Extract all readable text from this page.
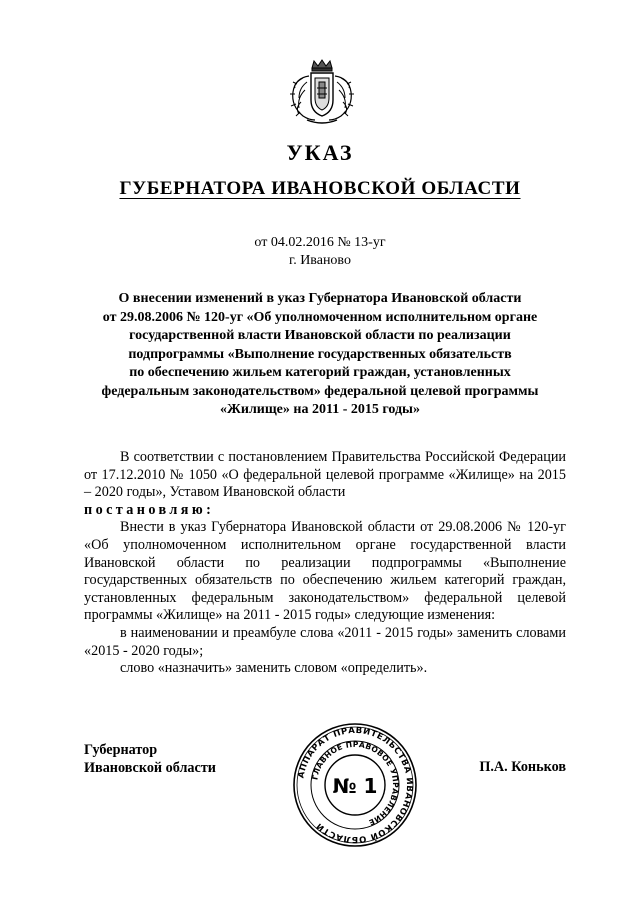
УКАЗ
ГУБЕРНАТОРА ИВАНОВСКОЙ ОБЛАСТИ
от 04.02.2016 № 13-уг
г. Иваново
О внесении изменений в указ Губернатора Ивановской области
от 29.08.2006 № 120-уг «Об уполномоченном исполнительном органе
государственной власти Ивановской области по реализации
подпрограммы «Выполнение государственных обязательств
по обеспечению жильем категорий граждан, установленных
федеральным законодательством» федеральной целевой программы
«Жилище» на 2011 - 2015 годы»

В соответствии с постановлением Правительства Российской Федерации от 17.12.2010 № 1050 «О федеральной целевой программе «Жилище» на 2015 – 2020 годы», Уставом Ивановской области

постановляю:

Внести в указ Губернатора Ивановской области от 29.08.2006 № 120-уг «Об уполномоченном исполнительном органе государственной власти Ивановской области по реализации подпрограммы «Выполнение государственных обязательств по обеспечению жильем категорий граждан, установленных федеральным законодательством» федеральной целевой программы «Жилище» на 2011 - 2015 годы» следующие изменения:

в наименовании и преамбуле слова «2011 - 2015 годы» заменить словами «2015 - 2020 годы»;

слово «назначить» заменить словом «определить».

Губернатор
Ивановской области	П.А. Коньков
АППАРАТ ПРАВИТЕЛЬСТВА ИВАНОВСКОЙ ОБЛАСТИ
ГЛАВНОЕ ПРАВОВОЕ УПРАВЛЕНИЕ
№ 1
